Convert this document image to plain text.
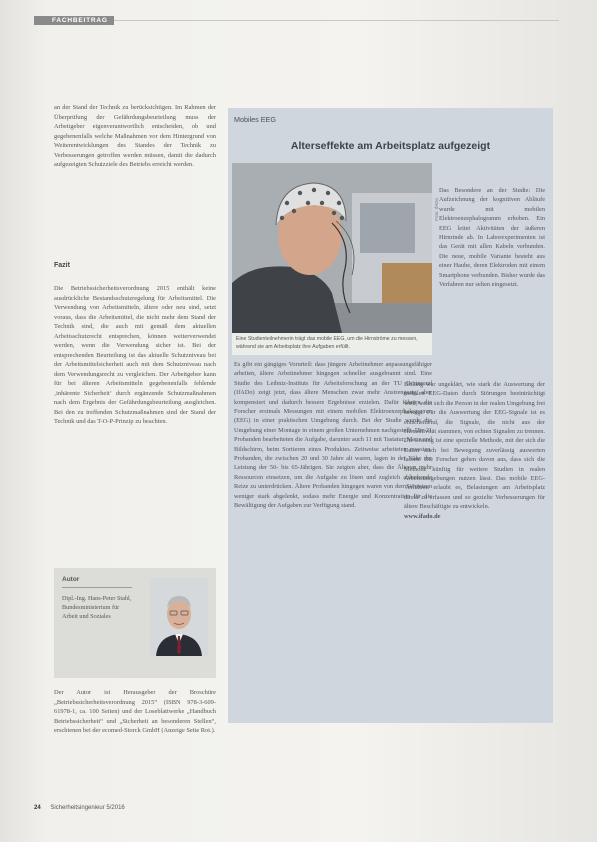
FACHBEITRAG

an der Stand der Technik zu berücksichtigen. Im Rahmen der Überprüfung der Gefährdungsbeurteilung muss der Arbeitgeber eigenverantwortlich entscheiden, ob und gegebenenfalls welche Maßnahmen vor dem Hintergrund von Weiterentwicklungen des Standes der Technik zu Verbesserungen getroffen werden müssen, damit die dadurch aufgezeigten Schutzziele des Betriebs erreicht werden.

Fazit

Die Betriebssicherheitsverordnung 2015 enthält keine ausdrückliche Bestandsschutzregelung für Arbeitsmittel. Die Verwendung von Arbeitsmitteln, ältere oder neu sind, setzt voraus, dass die Arbeitsmittel, die nicht mehr dem Stand der Technik sind, die auch mit gemäß dem aktuellen Arbeitsschutzrecht entsprechen, können weiterverwendet werden, wenn die Verwendung sicher ist. Bei der entsprechenden Beurteilung ist das aktuelle Schutzniveau bei der Arbeitsmittelsicherheit auch mit dem Schutzniveau nach dem Verwendungsrecht zu vergleichen. Der Arbeitgeber kann für bei älteren Arbeitsmitteln gegebenenfalls fehlende ‚inhärente Sicherheit‘ durch ergänzende Schutzmaßnahmen nach dem Ergebnis der Gefährdungsbeurteilung ausgleichen. Bei den zu treffenden Schutzmaßnahmen sind der Stand der Technik und das T-O-P-Prinzip zu beachten.

Autor
Dipl.-Ing. Hans-Peter Stahl, Bundesministerium für Arbeit und Soziales

Der Autor ist Herausgeber der Broschüre „Betriebssicherheitsverordnung 2015“ (ISBN 978-3-609-61978-1, ca. 100 Seiten) und der Loseblattwerke „Handbuch Betriebssicherheit“ und „Sicherheit an besonderen Stellen“, erschienen bei der ecomed-Storck GmbH (Anzeige Seite Rot.).

Mobiles EEG
Alterseffekte am Arbeitsplatz aufgezeigt
Foto: IfADo
Eine Studienteilnehmerin trägt das mobile EEG, um die Hirnströme zu messen, während sie am Arbeitsplatz ihre Aufgaben erfüllt.

Es gibt ein gängiges Vorurteil: dass jüngere Arbeitnehmer anpassungsfähiger arbeiten, ältere Arbeitnehmer hingegen schneller ausgebrannt sind. Eine Studie des Leibniz-Instituts für Arbeitsforschung an der TU Dortmund (IfADo) zeigt jetzt, dass ältere Menschen zwar mehr Anstrengung, aber kompensiert und dadurch bessere Ergebnisse erzielen. Dafür führten die Forscher erstmals Messungen mit einem mobilen Elektroenzephalogramm (EEG) in einer praktischen Umgebung durch. Bei der Studie wurde die Umgebung einer Montage in einem großen Unternehmen nachgestellt. Die 21 Probanden bearbeiteten die Aufgabe, darunter auch 11 mit Tastatur, Maus und Bildschirm, beim Sortieren eines Produktes. Zeitweise arbeiteten mussten. Probanden, die zwischen 20 und 30 Jahre alt waren, lagen in der Nähe der Leistung der 50- bis 65-Jährigen. Sie zeigten aber, dass die Älteren mehr Ressourcen einsetzen, um die Aufgabe zu lösen und zugleich ablenkende Reize zu unterdrücken. Ältere Probanden hingegen waren von den Störreizen weniger stark abgelenkt, sodass mehr Energie und Konzentration für die Bewältigung der Aufgaben zur Verfügung stand.

Das Besondere an der Studie: Die Aufzeichnung der kognitiven Abläufe wurde mit mobilen Elektroenzephalogramm erhoben. Ein EEG leitet Aktivitäten der äußeren Hirnrinde ab. In Laborexperimenten ist das Gerät mit allen Kabeln verbunden. Die neue, mobile Variante besteht aus einer Haube, deren Elektroden mit einem Smartphone verbunden. Bisher wurde das Verfahren nur selten eingesetzt.

Bislang war ungeklärt, wie stark die Auswertung der mobilen EEG-Daten durch Störungen beeinträchtigt wird, wenn sich die Person in der realen Umgebung frei bewegt. Für die Auswertung der EEG-Signale ist es entscheidend, die Signale, die nicht aus der Hirnaktivität stammen, von echten Signalen zu trennen. Die Lösung ist eine spezielle Methode, mit der sich die Daten auch bei Bewegung zuverlässig auswerten lassen. Die Forscher gehen davon aus, dass sich die Methode künftig für weitere Studien in realen Arbeitsumgebungen nutzen lässt. Das mobile EEG-Verfahren erlaubt es, Belastungen am Arbeitsplatz direkt zu erfassen und so gezielte Verbesserungen für ältere Beschäftigte zu entwickeln.

www.ifado.de

24 Sicherheitsingenieur 5/2016
